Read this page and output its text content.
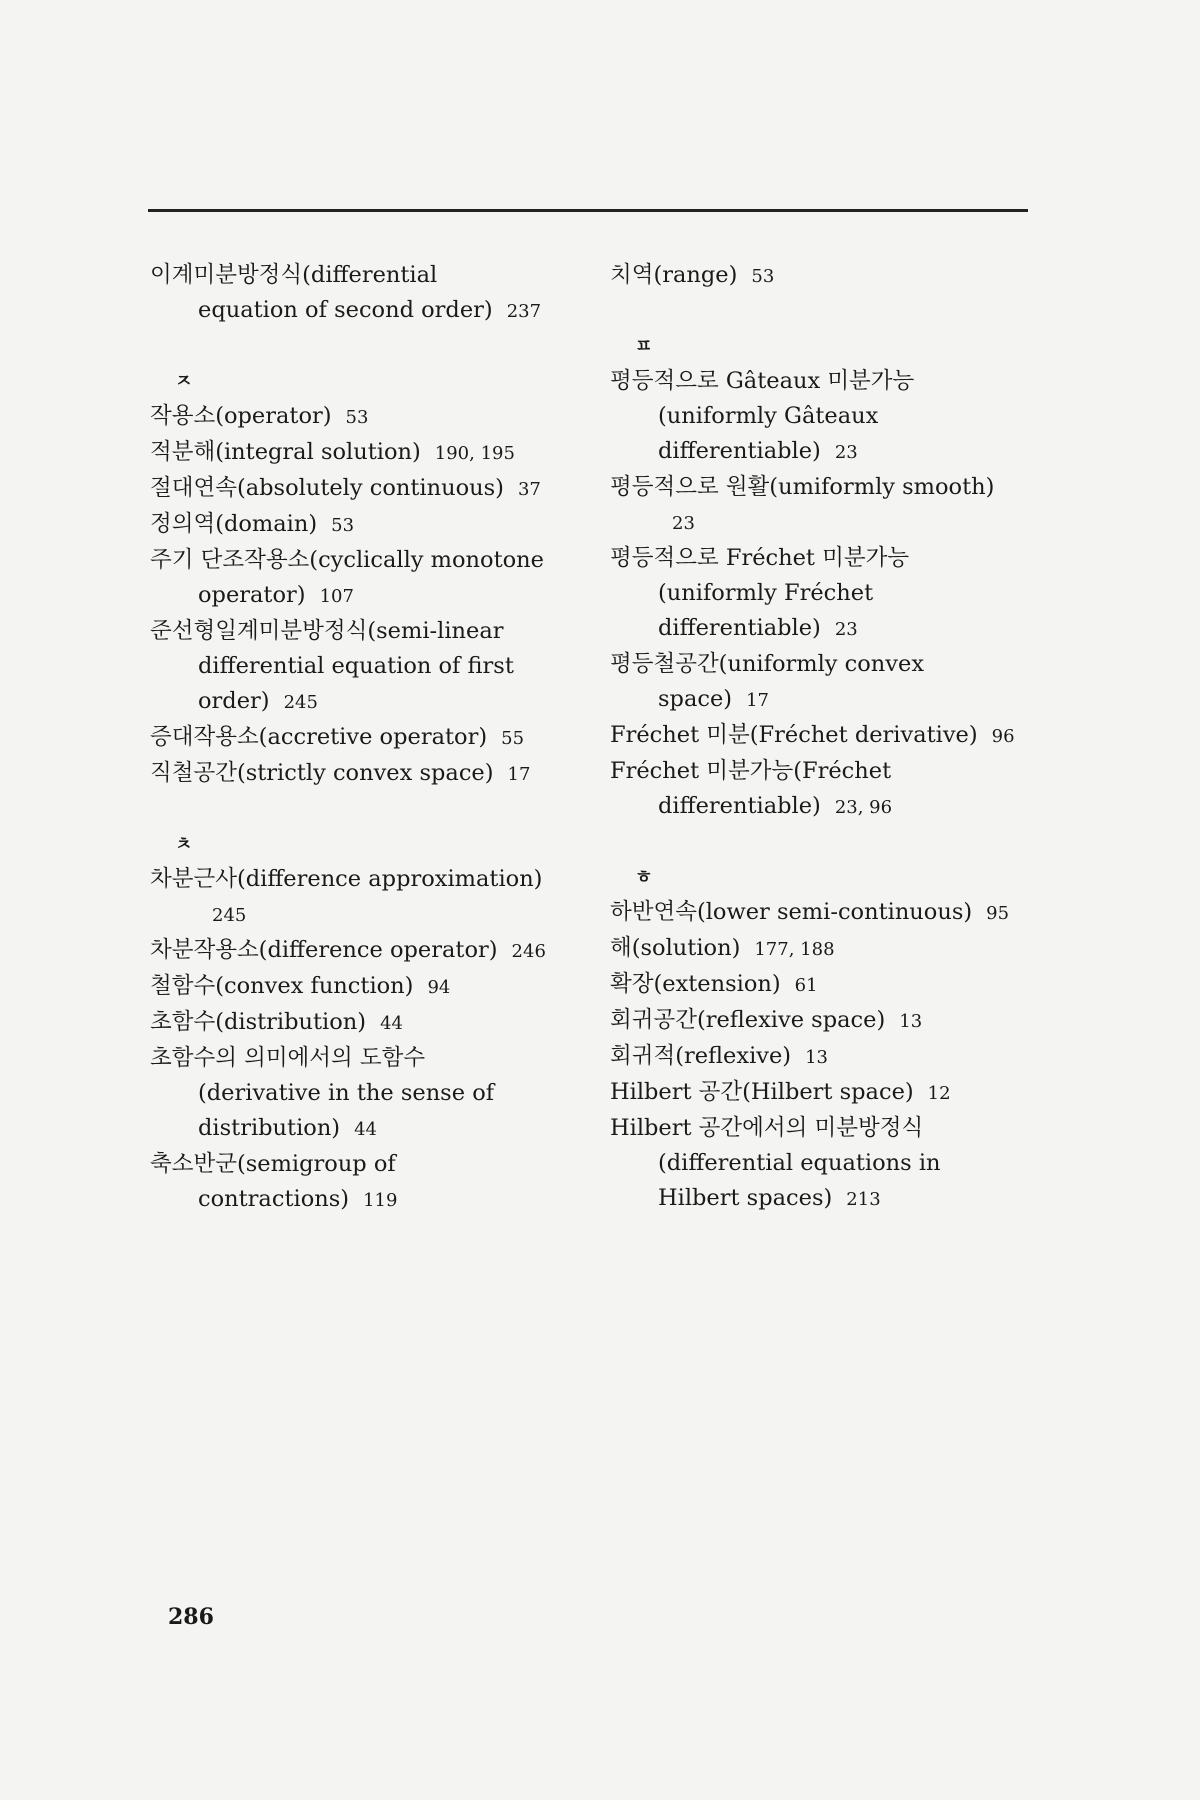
이계미분방정식(differential
equation of second order) 237
ㅈ
작용소(operator) 53
적분해(integral solution) 190, 195
절대연속(absolutely continuous) 37
정의역(domain) 53
주기 단조작용소(cyclically monotone
operator) 107
준선형일계미분방정식(semi-linear
differential equation of first
order) 245
증대작용소(accretive operator) 55
직철공간(strictly convex space) 17
ㅊ
차분근사(difference approximation)
245
차분작용소(difference operator) 246
철함수(convex function) 94
초함수(distribution) 44
초함수의 의미에서의 도함수
(derivative in the sense of
distribution) 44
축소반군(semigroup of
contractions) 119
치역(range) 53
ㅍ
평등적으로 Gâteaux 미분가능
(uniformly Gâteaux
differentiable) 23
평등적으로 원활(umiformly smooth)
23
평등적으로 Fréchet 미분가능
(uniformly Fréchet
differentiable) 23
평등철공간(uniformly convex
space) 17
Fréchet 미분(Fréchet derivative) 96
Fréchet 미분가능(Fréchet
differentiable) 23, 96
ㅎ
하반연속(lower semi-continuous) 95
해(solution) 177, 188
확장(extension) 61
회귀공간(reflexive space) 13
회귀적(reflexive) 13
Hilbert 공간(Hilbert space) 12
Hilbert 공간에서의 미분방정식
(differential equations in
Hilbert spaces) 213
286
